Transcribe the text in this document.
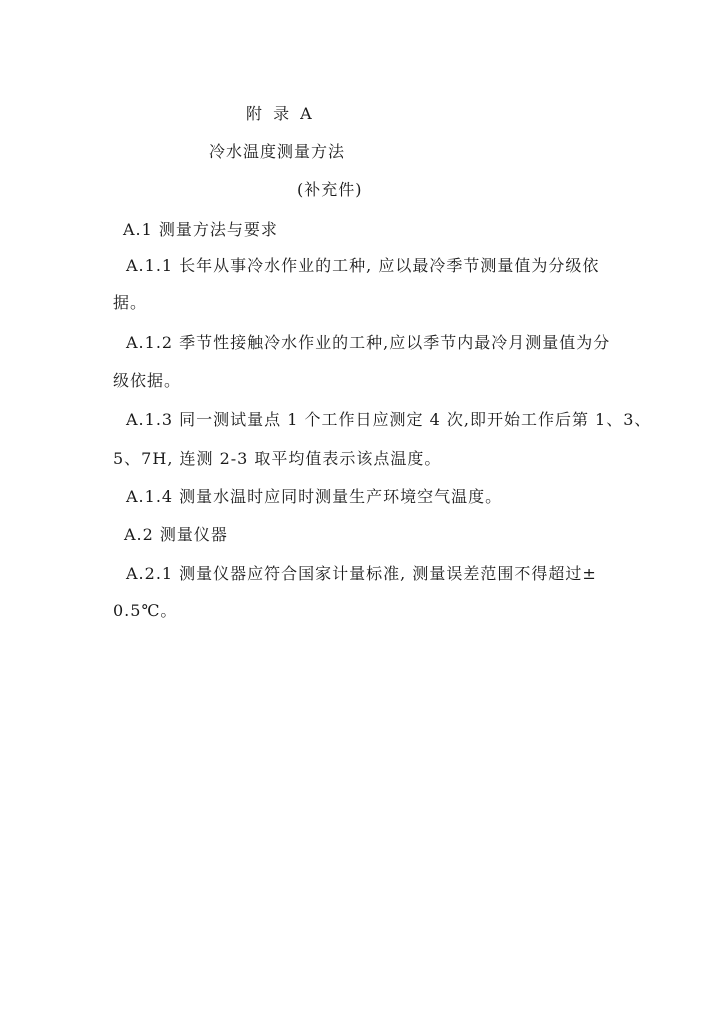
附 录 A
冷水温度测量方法
(补充件)
A.1 测量方法与要求
A.1.1 长年从事冷水作业的工种, 应以最冷季节测量值为分级依
据。
A.1.2 季节性接触冷水作业的工种,应以季节内最冷月测量值为分
级依据。
A.1.3 同一测试量点 1 个工作日应测定 4 次,即开始工作后第 1、3、
5、7H, 连测 2-3 取平均值表示该点温度。
A.1.4 测量水温时应同时测量生产环境空气温度。
A.2 测量仪器
A.2.1 测量仪器应符合国家计量标准, 测量误差范围不得超过±
0.5℃。
